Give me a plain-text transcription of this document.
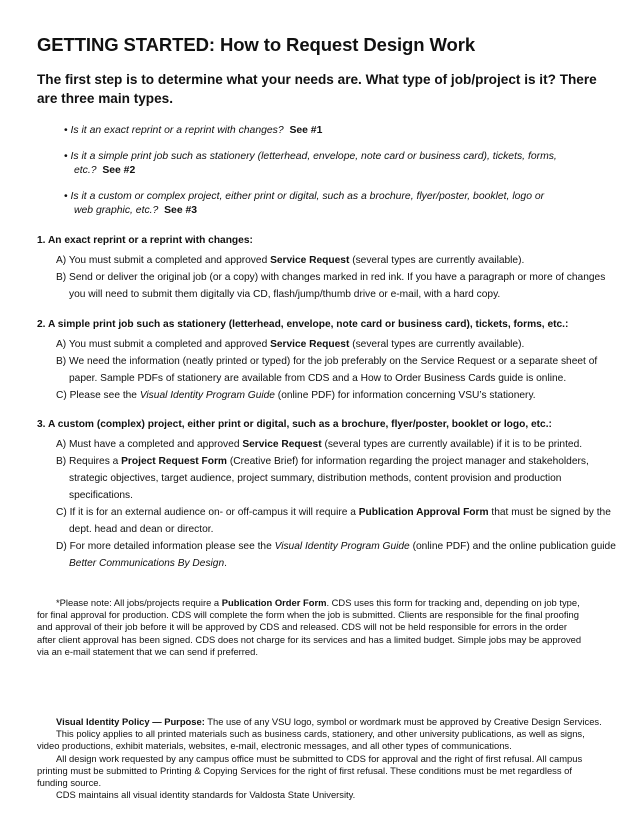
GETTING STARTED: How to Request Design Work
The first step is to determine what your needs are. What type of job/project is it? There are three main types.
• Is it an exact reprint or a reprint with changes? See #1
• Is it a simple print job such as stationery (letterhead, envelope, note card or business card), tickets, forms, etc.? See #2
• Is it a custom or complex project, either print or digital, such as a brochure, flyer/poster, booklet, logo or web graphic, etc.? See #3
1. An exact reprint or a reprint with changes:
A) You must submit a completed and approved Service Request (several types are currently available).
B) Send or deliver the original job (or a copy) with changes marked in red ink. If you have a paragraph or more of changes you will need to submit them digitally via CD, flash/jump/thumb drive or e-mail, with a hard copy.
2. A simple print job such as stationery (letterhead, envelope, note card or business card), tickets, forms, etc.:
A) You must submit a completed and approved Service Request (several types are currently available).
B) We need the information (neatly printed or typed) for the job preferably on the Service Request or a separate sheet of paper. Sample PDFs of stationery are available from CDS and a How to Order Business Cards guide is online.
C) Please see the Visual Identity Program Guide (online PDF) for information concerning VSU’s stationery.
3. A custom (complex) project, either print or digital, such as a brochure, flyer/poster, booklet or logo, etc.:
A) Must have a completed and approved Service Request (several types are currently available) if it is to be printed.
B) Requires a Project Request Form (Creative Brief) for information regarding the project manager and stakeholders, strategic objectives, target audience, project summary, distribution methods, content provision and production specifications.
C) If it is for an external audience on- or off-campus it will require a Publication Approval Form that must be signed by the dept. head and dean or director.
D) For more detailed information please see the Visual Identity Program Guide (online PDF) and the online publication guide Better Communications By Design.
*Please note: All jobs/projects require a Publication Order Form. CDS uses this form for tracking and, depending on job type, for final approval for production. CDS will complete the form when the job is submitted. Clients are responsible for the final proofing and approval of their job before it will be approved by CDS and released. CDS will not be held responsible for errors in the order after client approval has been signed. CDS does not charge for its services and has a limited budget. Simple jobs may be approved via an e-mail statement that we can send if preferred.

Visual Identity Policy — Purpose: The use of any VSU logo, symbol or wordmark must be approved by Creative Design Services.

This policy applies to all printed materials such as business cards, stationery, and other university publications, as well as signs, video productions, exhibit materials, websites, e-mail, electronic messages, and all other types of communications.

All design work requested by any campus office must be submitted to CDS for approval and the right of first refusal. All campus printing must be submitted to Printing & Copying Services for the right of first refusal. These conditions must be met regardless of funding source.

CDS maintains all visual identity standards for Valdosta State University.
